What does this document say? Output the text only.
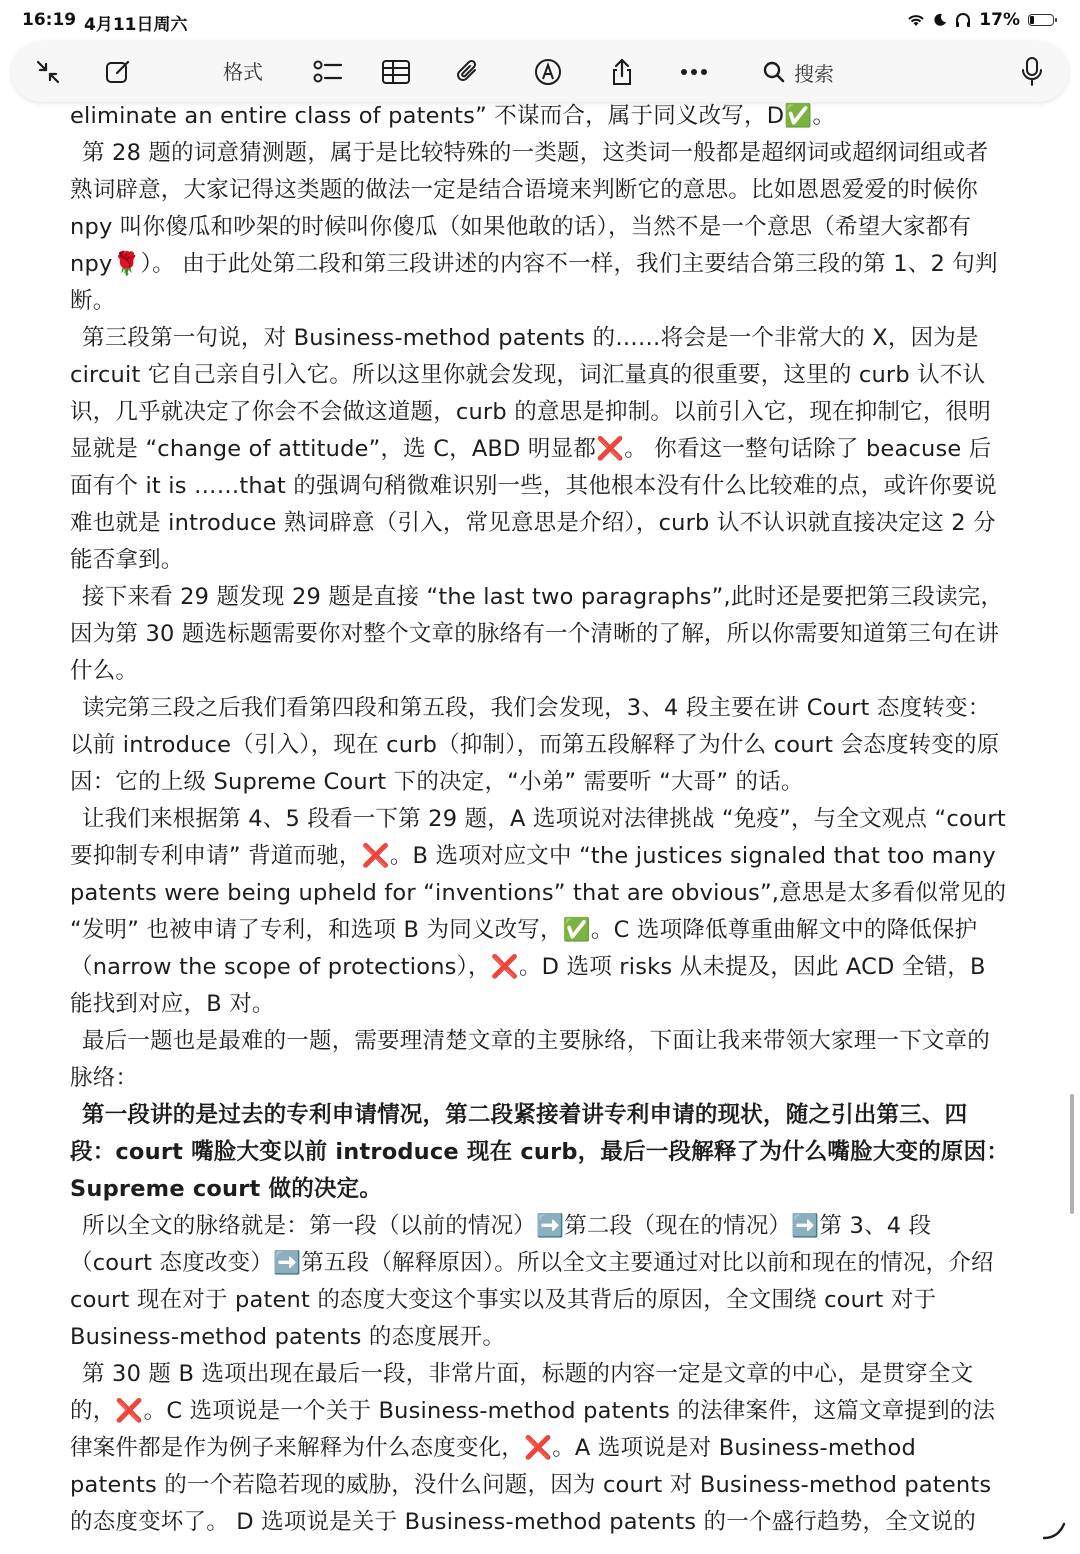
16:19 4月11日周六	17%
格式	搜索

eliminate an entire class of patents” 不谋而合，属于同义改写，D✅。

第 28 题的词意猜测题，属于是比较特殊的一类题，这类词一般都是超纲词或超纲词组或者熟词辟意，大家记得这类题的做法一定是结合语境来判断它的意思。比如恩恩爱爱的时候你 npy 叫你傻瓜和吵架的时候叫你傻瓜（如果他敢的话），当然不是一个意思（希望大家都有 npy🌹）。 由于此处第二段和第三段讲述的内容不一样，我们主要结合第三段的第 1、2 句判断。

第三段第一句说，对 Business-method patents 的……将会是一个非常大的 X，因为是 circuit 它自己亲自引入它。所以这里你就会发现，词汇量真的很重要，这里的 curb 认不认识，几乎就决定了你会不会做这道题，curb 的意思是抑制。以前引入它，现在抑制它，很明显就是 “change of attitude”，选 C，ABD 明显都❌。 你看这一整句话除了 beacuse 后面有个 it is ……that 的强调句稍微难识别一些，其他根本没有什么比较难的点，或许你要说难也就是 introduce 熟词辟意（引入，常见意思是介绍），curb 认不认识就直接决定这 2 分能否拿到。

接下来看 29 题发现 29 题是直接 “the last two paragraphs”,此时还是要把第三段读完，因为第 30 题选标题需要你对整个文章的脉络有一个清晰的了解，所以你需要知道第三句在讲什么。

读完第三段之后我们看第四段和第五段，我们会发现，3、4 段主要在讲 Court 态度转变：以前 introduce（引入），现在 curb（抑制），而第五段解释了为什么 court 会态度转变的原因：它的上级 Supreme Court 下的决定，“小弟” 需要听 “大哥” 的话。

让我们来根据第 4、5 段看一下第 29 题，A 选项说对法律挑战 “免疫”，与全文观点 “court 要抑制专利申请” 背道而驰，❌。B 选项对应文中 “the justices signaled that too many patents were being upheld for “inventions” that are obvious”,意思是太多看似常见的 “发明” 也被申请了专利，和选项 B 为同义改写，✅。C 选项降低尊重曲解文中的降低保护（narrow the scope of protections），❌。D 选项 risks 从未提及，因此 ACD 全错，B 能找到对应，B 对。

最后一题也是最难的一题，需要理清楚文章的主要脉络，下面让我来带领大家理一下文章的脉络：

第一段讲的是过去的专利申请情况，第二段紧接着讲专利申请的现状，随之引出第三、四段：court 嘴脸大变以前 introduce 现在 curb，最后一段解释了为什么嘴脸大变的原因：Supreme court 做的决定。

所以全文的脉络就是：第一段（以前的情况）➡️第二段（现在的情况）➡️第 3、4 段（court 态度改变）➡️第五段（解释原因）。所以全文主要通过对比以前和现在的情况，介绍 court 现在对于 patent 的态度大变这个事实以及其背后的原因，全文围绕 court 对于 Business-method patents 的态度展开。

第 30 题 B 选项出现在最后一段，非常片面，标题的内容一定是文章的中心，是贯穿全文的，❌。C 选项说是一个关于 Business-method patents 的法律案件，这篇文章提到的法律案件都是作为例子来解释为什么态度变化，❌。A 选项说是对 Business-method patents 的一个若隐若现的威胁，没什么问题，因为 court 对 Business-method patents 的态度变坏了。 D 选项说是关于 Business-method patents 的一个盛行趋势，全文说的
